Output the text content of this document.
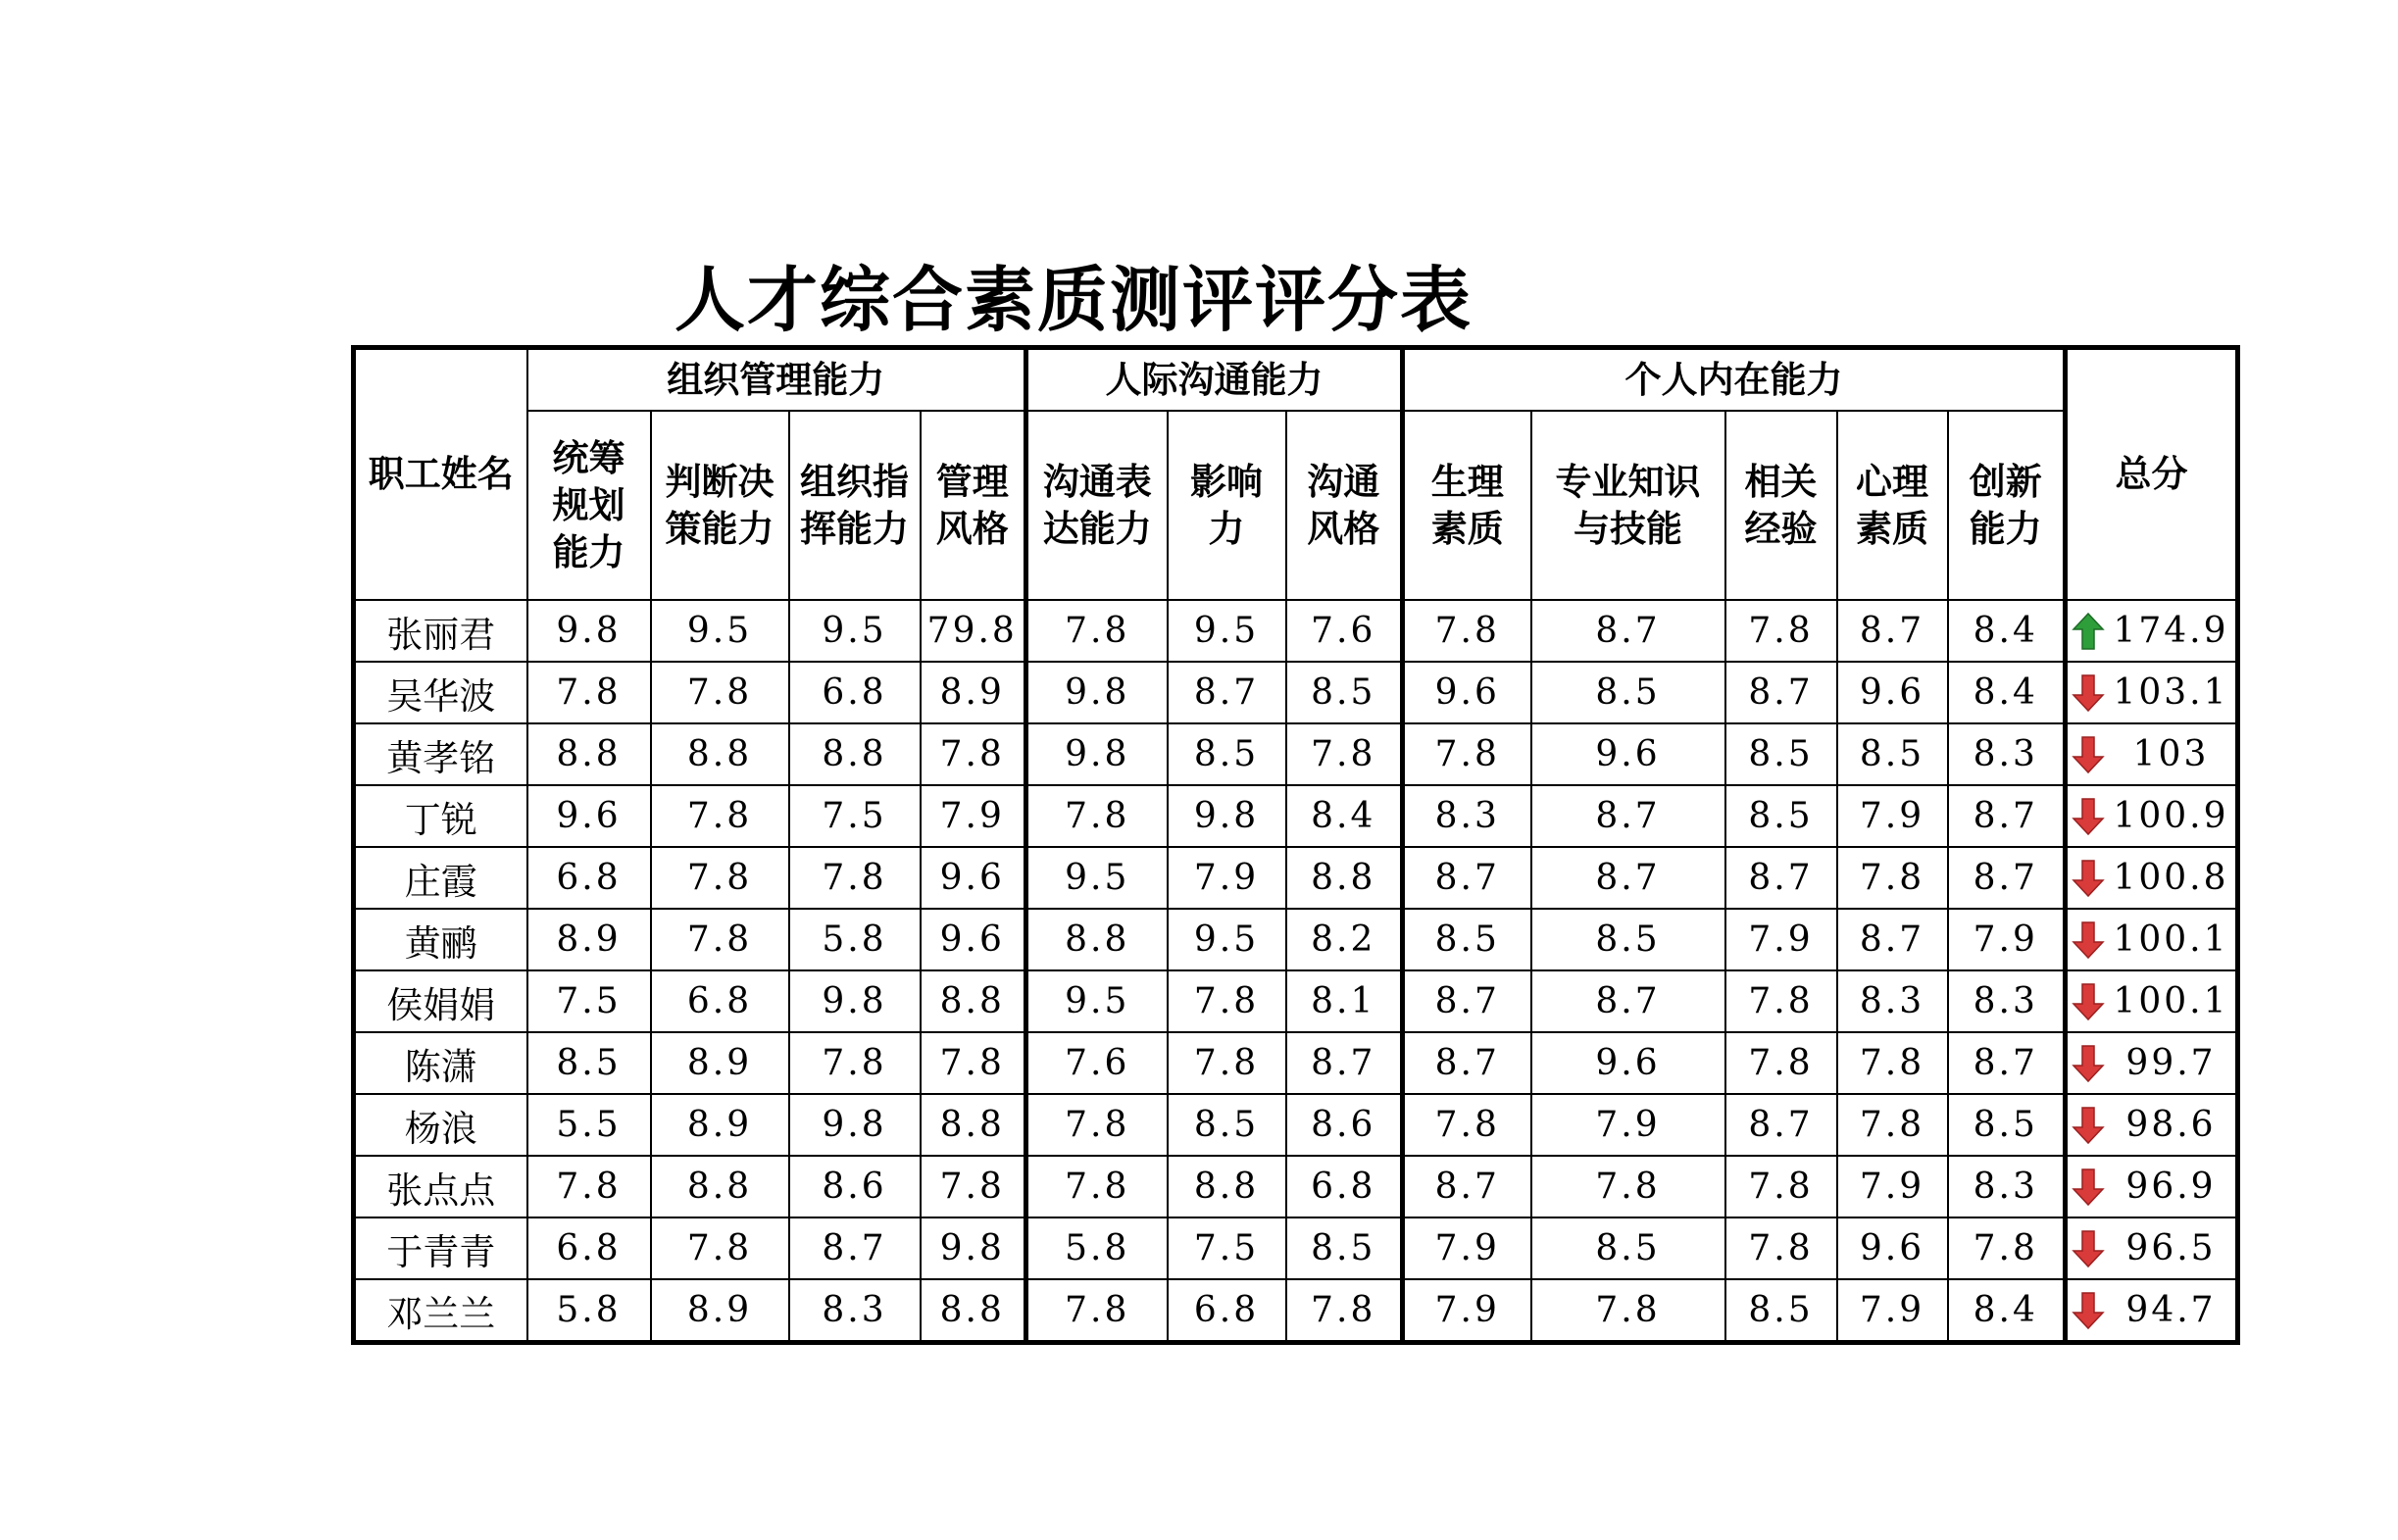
人才综合素质测评评分表
职工姓名	组织管理能力				人际沟通能力			个人内在能力					总分
	统筹规划能力	判断决策能力	组织指挥能力	管理风格	沟通表达能力	影响力	沟通风格	生理素质	专业知识与技能	相关经验	心理素质	创新能力	
张丽君	9.8	9.5	9.5	79.8	7.8	9.5	7.6	7.8	8.7	7.8	8.7	8.4	174.9

吴华波	7.8	7.8	6.8	8.9	9.8	8.7	8.5	9.6	8.5	8.7	9.6	8.4	103.1

黄孝铭	8.8	8.8	8.8	7.8	9.8	8.5	7.8	7.8	9.6	8.5	8.5	8.3	103

丁锐	9.6	7.8	7.5	7.9	7.8	9.8	8.4	8.3	8.7	8.5	7.9	8.7	100.9

庄霞	6.8	7.8	7.8	9.6	9.5	7.9	8.8	8.7	8.7	8.7	7.8	8.7	100.8

黄鹂	8.9	7.8	5.8	9.6	8.8	9.5	8.2	8.5	8.5	7.9	8.7	7.9	100.1

侯娟娟	7.5	6.8	9.8	8.8	9.5	7.8	8.1	8.7	8.7	7.8	8.3	8.3	100.1

陈潇	8.5	8.9	7.8	7.8	7.6	7.8	8.7	8.7	9.6	7.8	7.8	8.7	99.7

杨浪	5.5	8.9	9.8	8.8	7.8	8.5	8.6	7.8	7.9	8.7	7.8	8.5	98.6

张点点	7.8	8.8	8.6	7.8	7.8	8.8	6.8	8.7	7.8	7.8	7.9	8.3	96.9

于青青	6.8	7.8	8.7	9.8	5.8	7.5	8.5	7.9	8.5	7.8	9.6	7.8	96.5

邓兰兰	5.8	8.9	8.3	8.8	7.8	6.8	7.8	7.9	7.8	8.5	7.9	8.4	94.7
